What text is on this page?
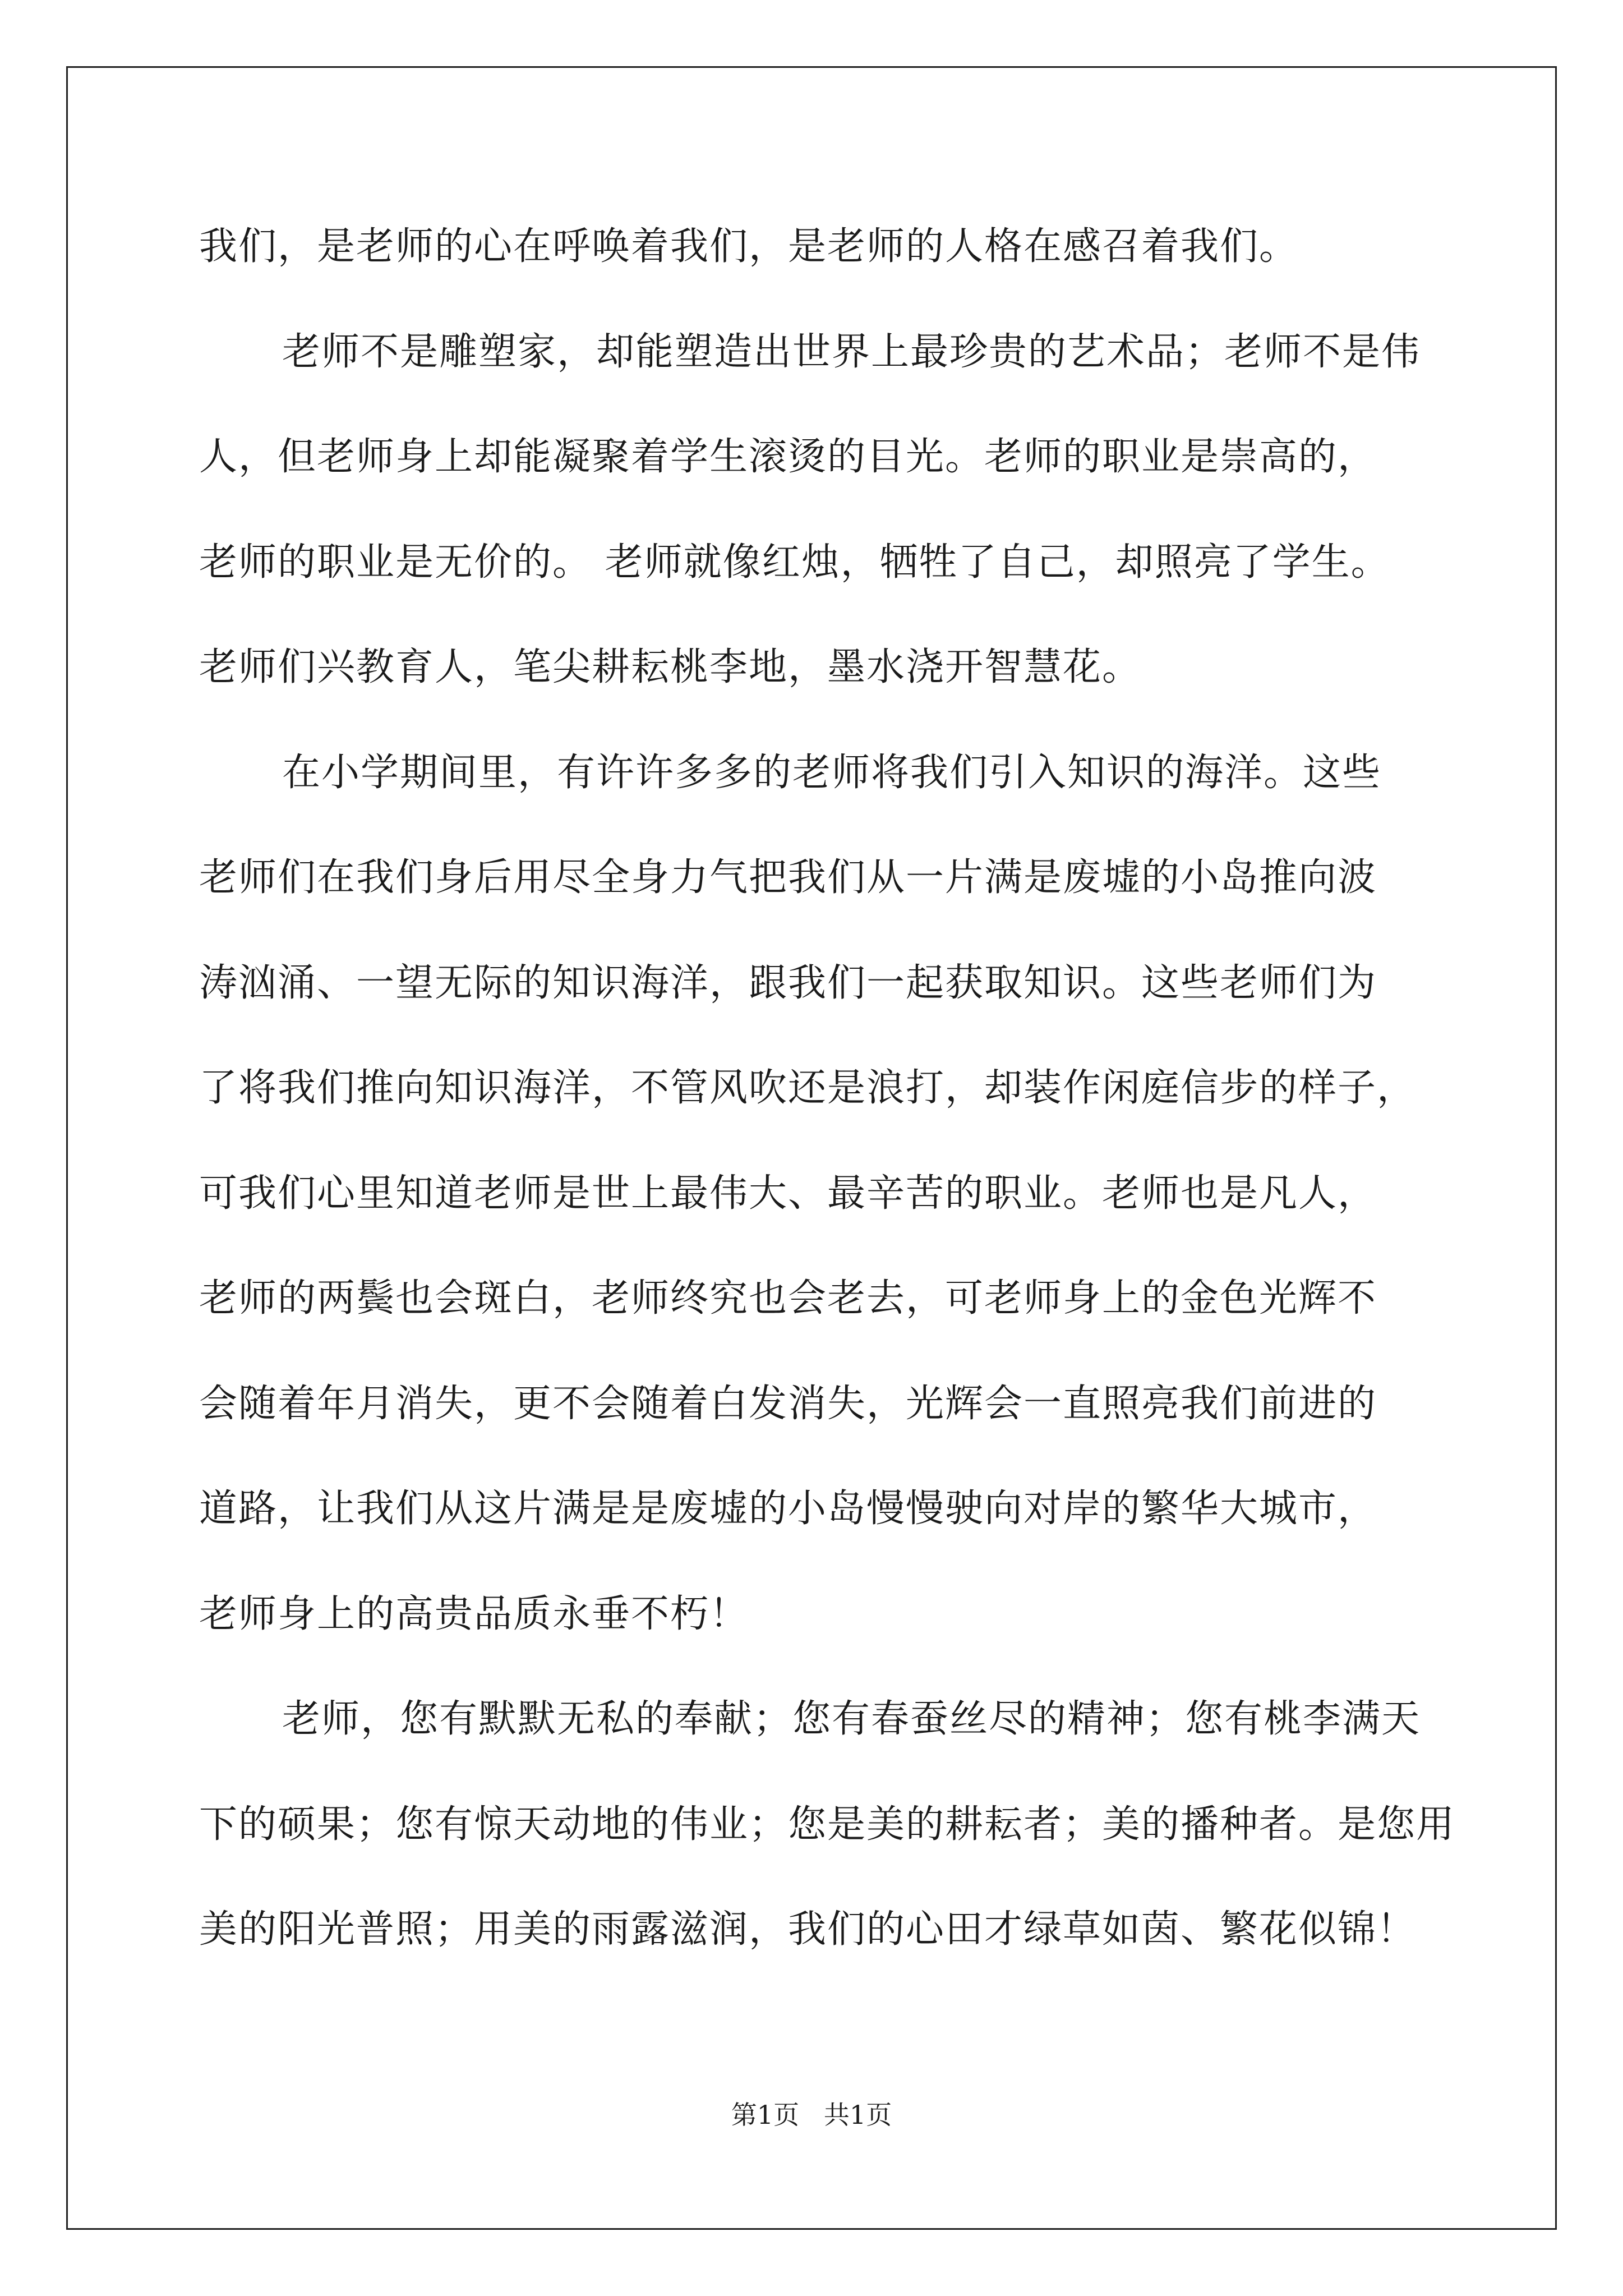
我们，是老师的心在呼唤着我们，是老师的人格在感召着我们。
老师不是雕塑家，却能塑造出世界上最珍贵的艺术品；老师不是伟
人，但老师身上却能凝聚着学生滚烫的目光。老师的职业是崇高的，
老师的职业是无价的。 老师就像红烛，牺牲了自己，却照亮了学生。
老师们兴教育人，笔尖耕耘桃李地，墨水浇开智慧花。
在小学期间里，有许许多多的老师将我们引入知识的海洋。这些
老师们在我们身后用尽全身力气把我们从一片满是废墟的小岛推向波
涛汹涌、一望无际的知识海洋，跟我们一起获取知识。这些老师们为
了将我们推向知识海洋，不管风吹还是浪打，却装作闲庭信步的样子，
可我们心里知道老师是世上最伟大、最辛苦的职业。老师也是凡人，
老师的两鬓也会斑白，老师终究也会老去，可老师身上的金色光辉不
会随着年月消失，更不会随着白发消失，光辉会一直照亮我们前进的
道路，让我们从这片满是是废墟的小岛慢慢驶向对岸的繁华大城市，
老师身上的高贵品质永垂不朽！
老师，您有默默无私的奉献；您有春蚕丝尽的精神；您有桃李满天
下的硕果；您有惊天动地的伟业；您是美的耕耘者；美的播种者。是您用
美的阳光普照；用美的雨露滋润，我们的心田才绿草如茵、繁花似锦！
第1页   共1页
